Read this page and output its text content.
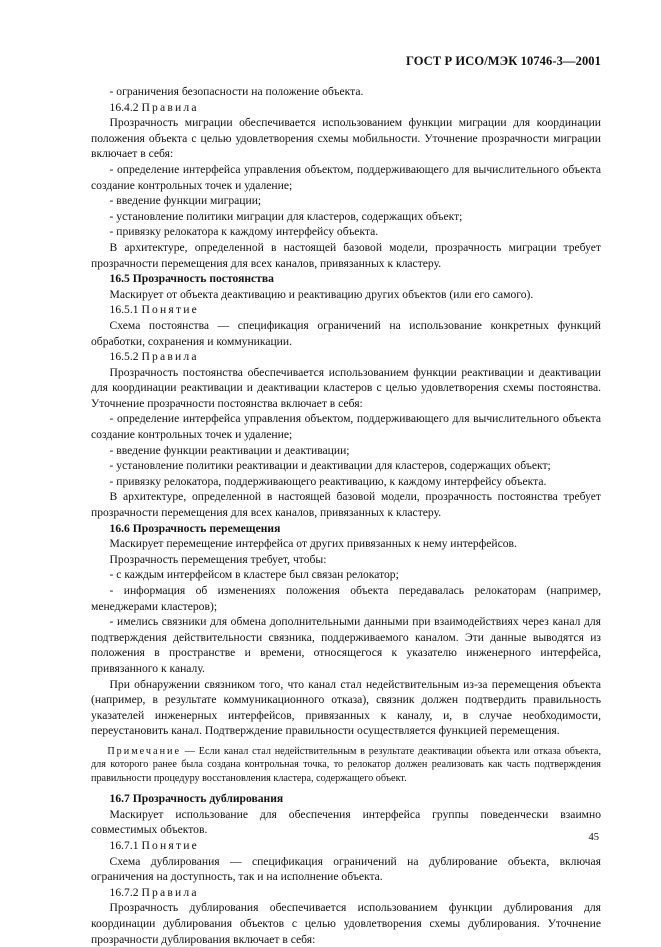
ГОСТ Р ИСО/МЭК 10746-3—2001

- ограничения безопасности на положение объекта.

16.4.2 Правила

Прозрачность миграции обеспечивается использованием функции миграции для координации положения объекта с целью удовлетворения схемы мобильности. Уточнение прозрачности миграции включает в себя:

- определение интерфейса управления объектом, поддерживающего для вычислительного объекта создание контрольных точек и удаление;

- введение функции миграции;

- установление политики миграции для кластеров, содержащих объект;

- привязку релокатора к каждому интерфейсу объекта.

В архитектуре, определенной в настоящей базовой модели, прозрачность миграции требует прозрачности перемещения для всех каналов, привязанных к кластеру.

16.5 Прозрачность постоянства

Маскирует от объекта деактивацию и реактивацию других объектов (или его самого).

16.5.1 Понятие

Схема постоянства — спецификация ограничений на использование конкретных функций обработки, сохранения и коммуникации.

16.5.2 Правила

Прозрачность постоянства обеспечивается использованием функции реактивации и деактивации для координации реактивации и деактивации кластеров с целью удовлетворения схемы постоянства. Уточнение прозрачности постоянства включает в себя:

- определение интерфейса управления объектом, поддерживающего для вычислительного объекта создание контрольных точек и удаление;

- введение функции реактивации и деактивации;

- установление политики реактивации и деактивации для кластеров, содержащих объект;

- привязку релокатора, поддерживающего реактивацию, к каждому интерфейсу объекта.

В архитектуре, определенной в настоящей базовой модели, прозрачность постоянства требует прозрачности перемещения для всех каналов, привязанных к кластеру.

16.6 Прозрачность перемещения

Маскирует перемещение интерфейса от других привязанных к нему интерфейсов.

Прозрачность перемещения требует, чтобы:

- с каждым интерфейсом в кластере был связан релокатор;

- информация об изменениях положения объекта передавалась релокаторам (например, менеджерами кластеров);

- имелись связники для обмена дополнительными данными при взаимодействиях через канал для подтверждения действительности связника, поддерживаемого каналом. Эти данные выводятся из положения в пространстве и времени, относящегося к указателю инженерного интерфейса, привязанного к каналу.

При обнаружении связником того, что канал стал недействительным из-за перемещения объекта (например, в результате коммуникационного отказа), связник должен подтвердить правильность указателей инженерных интерфейсов, привязанных к каналу, и, в случае необходимости, переустановить канал. Подтверждение правильности осуществляется функцией перемещения.

Примечание — Если канал стал недействительным в результате деактивации объекта или отказа объекта, для которого ранее была создана контрольная точка, то релокатор должен реализовать как часть подтверждения правильности процедуру восстановления кластера, содержащего объект.

16.7 Прозрачность дублирования

Маскирует использование для обеспечения интерфейса группы поведенчески взаимно совместимых объектов.

16.7.1 Понятие

Схема дублирования — спецификация ограничений на дублирование объекта, включая ограничения на доступность, так и на исполнение объекта.

16.7.2 Правила

Прозрачность дублирования обеспечивается использованием функции дублирования для координации дублирования объектов с целью удовлетворения схемы дублирования. Уточнение прозрачности дублирования включает в себя:

45
